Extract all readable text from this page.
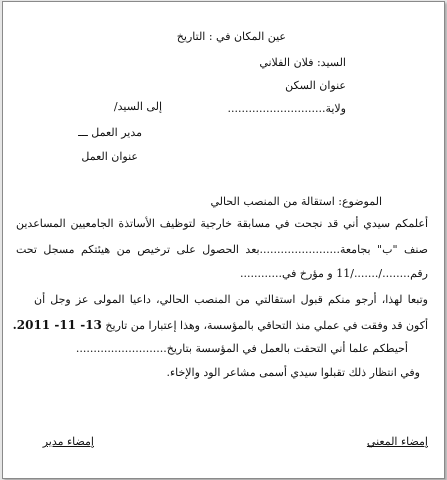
عين المكان في : التاريخ
السيد: فلان الفلاني
عنوان السكن
ولاية............................
إلى السيد/
مدير العمل ـــ
عنوان العمل
الموضوع: استقالة من المنصب الحالي
أعلمكم سيدي أني قد نجحت في مسابقة خارجية لتوظيف الأساتذة الجامعيين المساعدين
صنف "ب" بجامعة.......................بعد الحصول على ترخيص من هيئتكم مسجل تحت
رقم......../......./11 و مؤرخ في............
وتبعا لهذا، أرجو منكم قبول استقالتي من المنصب الحالي، داعيا المولى عز وجل أن
أكون قد وفقت في عملي منذ التحاقي بالمؤسسة، وهذا إعتبارا من تاريخ 13- 11- 2011.
أحيطكم علما أني التحقت بالعمل في المؤسسة بتاريخ..........................
وفي انتظار ذلك تقبلوا سيدي أسمى مشاعر الود والإخاء.
إمضاء المعني
إمضاء مدير
